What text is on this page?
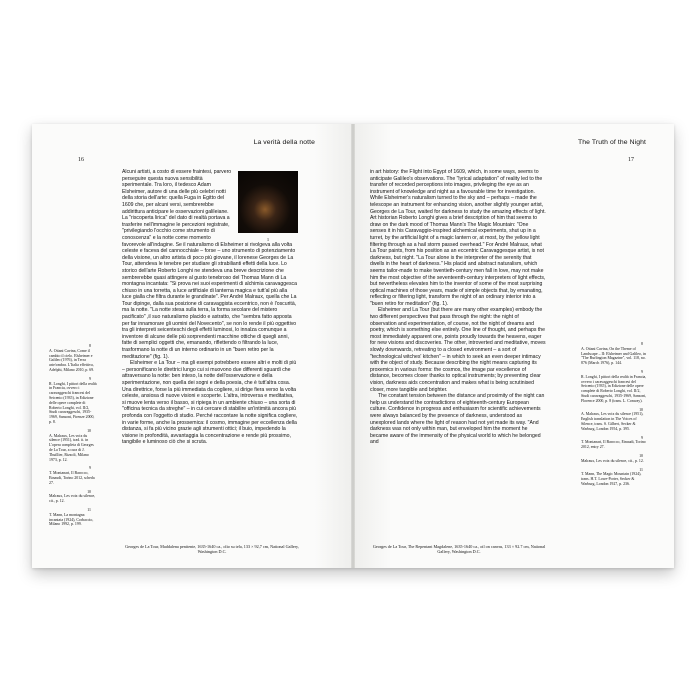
La verità della notte
16
1

Alcuni artisti, a costo di essere fraintesi, parvero perseguire questa nuova sensibilità sperimentale. Tra loro, il tedesco Adam Elsheimer, autore di una delle più celebri notti della storia dell'arte: quella Fuga in Egitto del 1609 che, per alcuni versi, sembrerebbe addirittura anticipare le osservazioni galileiane. La "riscoperta lirica" del dato di realtà portava a trasferire nell'immagine le percezioni registrate, "privilegiando l'occhio come strumento di conoscenza" e la notte come momento favorevole all'indagine. Se il naturalismo di Elsheimer si rivolgeva alla volta celeste e faceva del cannocchiale – forse – uno strumento di potenziamento della visione, un altro artista di poco più giovane, il lorenese Georges de La Tour, attendeva le tenebre per studiare gli strabilianti effetti della luce. Lo storico dell'arte Roberto Longhi ne stendeva una breve descrizione che sembrerebbe quasi attingere al gusto tenebroso del Thomas Mann di La montagna incantata: "Si prova nei suoi esperimenti di alchimia caravaggesca chiuso in una torretta, a luce artificiale di lanterna magica e tutt'al più alla luce gialla che filtra durante le grandinate". Per André Malraux, quella che La Tour dipinge, dalla sua posizione di caravaggista eccentrico, non è l'oscurità, ma la notte. "La notte stesa sulla terra, la forma secolare del mistero pacificato" ,il suo naturalismo placido e astratto, che "sembra fatto apposta per far innamorare gli uomini del Novecento", se non lo rende il più oggettivo tra gli interpreti seicenteschi degli effetti luminosi, lo innalza comunque a inventore di alcune delle più sorprendenti macchine ottiche di quegli anni, fatte di semplici oggetti che, emanando, riflettendo o filtrando la luce, trasformano la notte di un interno ordinario in un "buen retiro per la meditazione" (fig. 1).

Elsheimer e La Tour – ma gli esempi potrebbero essere altri e molti di più – personificano le direttrici lungo cui si muovono due differenti sguardi che attraversano la notte: ben inteso, la notte dell'osservazione e della sperimentazione, non quella dei sogni e della poesia, che è tutt'altra cosa. Una direttrice, forse la più immediata da cogliere, si dirige fiera verso la volta celeste, ansiosa di nuove visioni e scoperte. L'altra, introversa e meditativa, si muove lenta verso il basso, si ripiega in un ambiente chiuso – una sorta di "officina tecnica da streghe" – in cui cercare di stabilire un'intimità ancora più profonda con l'oggetto di studio. Perché raccontare la notte significa cogliere, in varie forme, anche la prossemica: il cosmo, immagine per eccellenza della distanza, si fa più vicino grazie agli strumenti ottici; il buio, impedendo la visione in profondità, avvantaggia la concentrazione e rende più prossimo, tangibile e luminoso ciò che si scruta.

8
A. Ottani Cavina, Come il cambio il cielo. Elsheimer e Galileo (1976), in Terra arte/ombra. L'Italia effettiva, Adelphi, Milano 2010, p. 69.
9
R. Longhi, I pittori della realtà in Francia, ovvero i caravaggeschi francesi del Seicento (1935), in Edizione delle opere complete di Roberto Longhi, vol. II/2, Studi caravaggeschi, 1935-1969, Sansoni, Firenze 2000, p. 8.
10
A. Malraux, Les voix du silence (1951), trad. it. in L'opera completa di Georges de La Tour, a cura di J. Thuillier, Rizzoli, Milano 1973, p. 12.
9
T. Montanari, Il Barocco, Einaudi, Torino 2012, scheda 27.
10
Malraux, Les voix du silence, cit., p. 12.
11
T. Mann, La montagna incantata (1924), Corbaccio, Milano 1992, p. 199.
Georges de La Tour, Maddalena penitente, 1635-1640 ca., olio su tela, 133 × 92,7 cm, National Gallery, Washington D.C.
The Truth of the Night
17

in art history: the Flight into Egypt of 1609, which, in some ways, seems to anticipate Galileo's observations. The "lyrical adaptation" of reality led to the transfer of recorded perceptions into images, privileging the eye as an instrument of knowledge and night as a favourable time for investigation. While Elsheimer's naturalism turned to the sky and – perhaps – made the telescope an instrument for enhancing vision, another slightly younger artist, Georges de La Tour, waited for darkness to study the amazing effects of light. Art historian Roberto Longhi gives a brief description of him that seems to draw on the dark mood of Thomas Mann's The Magic Mountain: "One senses it in his Caravaggio-inspired alchemical experiments, shut up in a turret, by the artificial light of a magic lantern or, at most, by the yellow light filtering through as a hail storm passed overhead." For André Malraux, what La Tour paints, from his position as an eccentric Caravaggesque artist, is not darkness, but night. "La Tour alone is the interpreter of the serenity that dwells in the heart of darkness." His placid and abstract naturalism, which seems tailor-made to make twentieth-century men fall in love, may not make him the most objective of the seventeenth-century interpreters of light effects, but nevertheless elevates him to the inventor of some of the most surprising optical machines of those years, made of simple objects that, by emanating, reflecting or filtering light, transform the night of an ordinary interior into a "buen retiro for meditation" (fig. 1).

Elsheimer and La Tour (but there are many other examples) embody the two different perspectives that pass through the night: the night of observation and experimentation, of course, not the night of dreams and poetry, which is something else entirely. One line of thought, and perhaps the most immediately apparent one, points proudly towards the heavens, eager for new visions and discoveries. The other, introverted and meditative, moves slowly downwards, retreating to a closed environment – a sort of "technological witches' kitchen" – in which to seek an even deeper intimacy with the object of study. Because describing the night means capturing its proxemics in various forms: the cosmos, the image par excellence of distance, becomes closer thanks to optical instruments; by preventing clear vision, darkness aids concentration and makes what is being scrutinised closer, more tangible and brighter.

The constant tension between the distance and proximity of the night can help us understand the contradictions of eighteenth-century European culture. Confidence in progress and enthusiasm for scientific achievements were always balanced by the presence of darkness, understood as unexplored lands where the light of reason had not yet made its way. "And darkness was not only within man, but enveloped him the moment he became aware of the immensity of the physical world to which he belonged and

8
A. Ottani Cavina, On the Theme of Landscape – II: Elsheimer and Galileo, in "The Burlington Magazine", vol. 118, no. 876 (March 1976), p. 144.
9
R. Longhi, I pittori della realtà in Francia, ovvero i caravaggeschi francesi del Seicento (1935), in Edizione delle opere complete di Roberto Longhi, vol. II/2, Studi caravaggeschi, 1935-1969, Sansoni, Florence 2000, p. 8 (trans. L. Conway).
10
A. Malraux, Les voix du silence (1951), English translation in The Voices of Silence, trans. S. Gilbert, Secker & Warburg, London 1954, p. 395.
9
T. Montanari, Il Barocco, Einaudi, Torino 2012, entry 27.
10
Malraux, Les voix du silence, cit., p. 12.
11
T. Mann, The Magic Mountain (1924), trans. H.T. Lowe-Porter, Secker & Warburg, London 1927, p. 236.
Georges de La Tour, The Repentant Magdalene, 1635-1640 ca., oil on canvas, 133 × 92.7 cm, National Gallery, Washington D.C.
